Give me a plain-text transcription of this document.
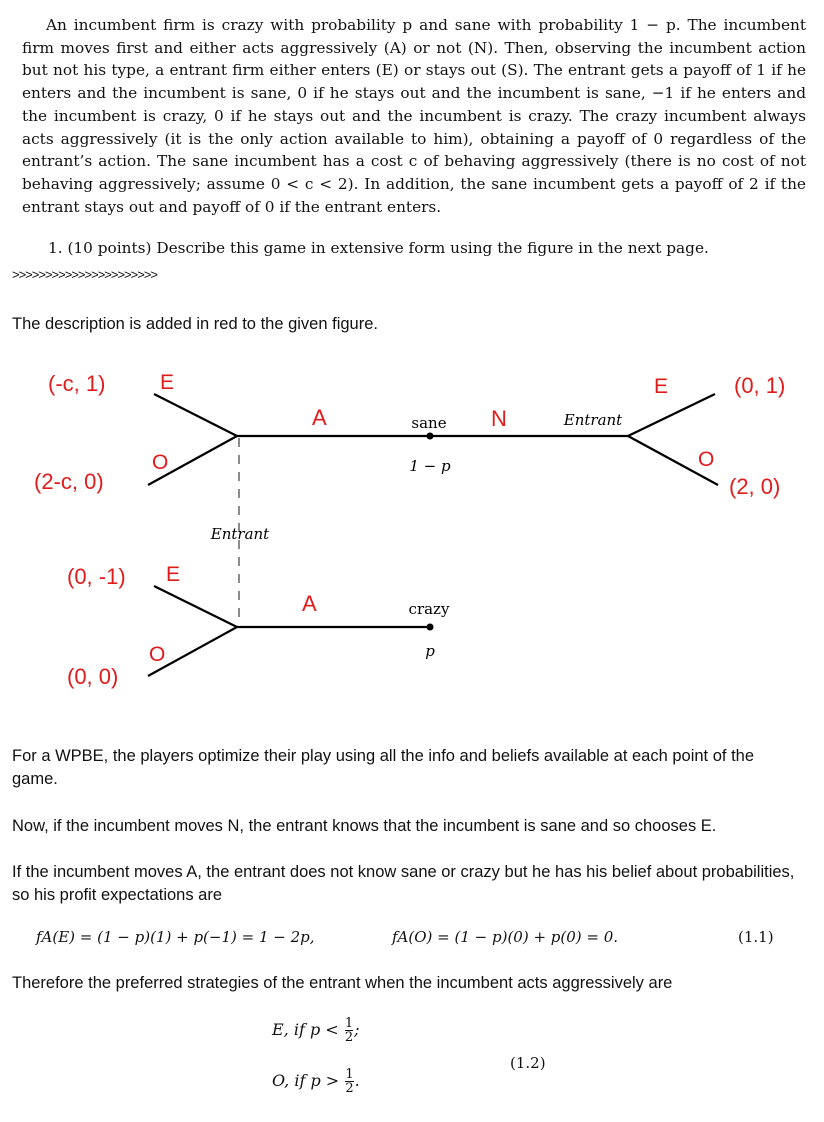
An incumbent firm is crazy with probability p and sane with probability 1 − p. The incumbent firm moves first and either acts aggressively (A) or not (N). Then, observing the incumbent action but not his type, a entrant firm either enters (E) or stays out (S). The entrant gets a payoff of 1 if he enters and the incumbent is sane, 0 if he stays out and the incumbent is sane, −1 if he enters and the incumbent is crazy, 0 if he stays out and the incumbent is crazy. The crazy incumbent always acts aggressively (it is the only action available to him), obtaining a payoff of 0 regardless of the entrant’s action. The sane incumbent has a cost c of behaving aggressively (there is no cost of not behaving aggressively; assume 0 < c < 2). In addition, the sane incumbent gets a payoff of 2 if the entrant stays out and payoff of 0 if the entrant enters.

1. (10 points) Describe this game in extensive form using the figure in the next page.
>>>>>>>>>>>>>>>>>>>>>>
The description is added in red to the given figure.
sane
1 − p
crazy
p
Entrant
Entrant
(-c, 1)	E
(2-c, 0)
O
A	N
E	(0, 1)
O
(2, 0)
(0, -1) E
A
(0, 0)
O
For a WPBE, the players optimize their play using all the info and beliefs available at each point of the game.
Now, if the incumbent moves N, the entrant knows that the incumbent is sane and so chooses E.
If the incumbent moves A, the entrant does not know sane or crazy but he has his belief about probabilities, so his profit expectations are
fA(E) = (1 − p)(1) + p(−1) = 1 − 2p,	fA(O) = (1 − p)(0) + p(0) = 0.	(1.1)
Therefore the preferred strategies of the entrant when the incumbent acts aggressively are
E, if $p < \frac{1}{2}$ ;
O, if $p > \frac{1}{2}$ .
(1.2)
